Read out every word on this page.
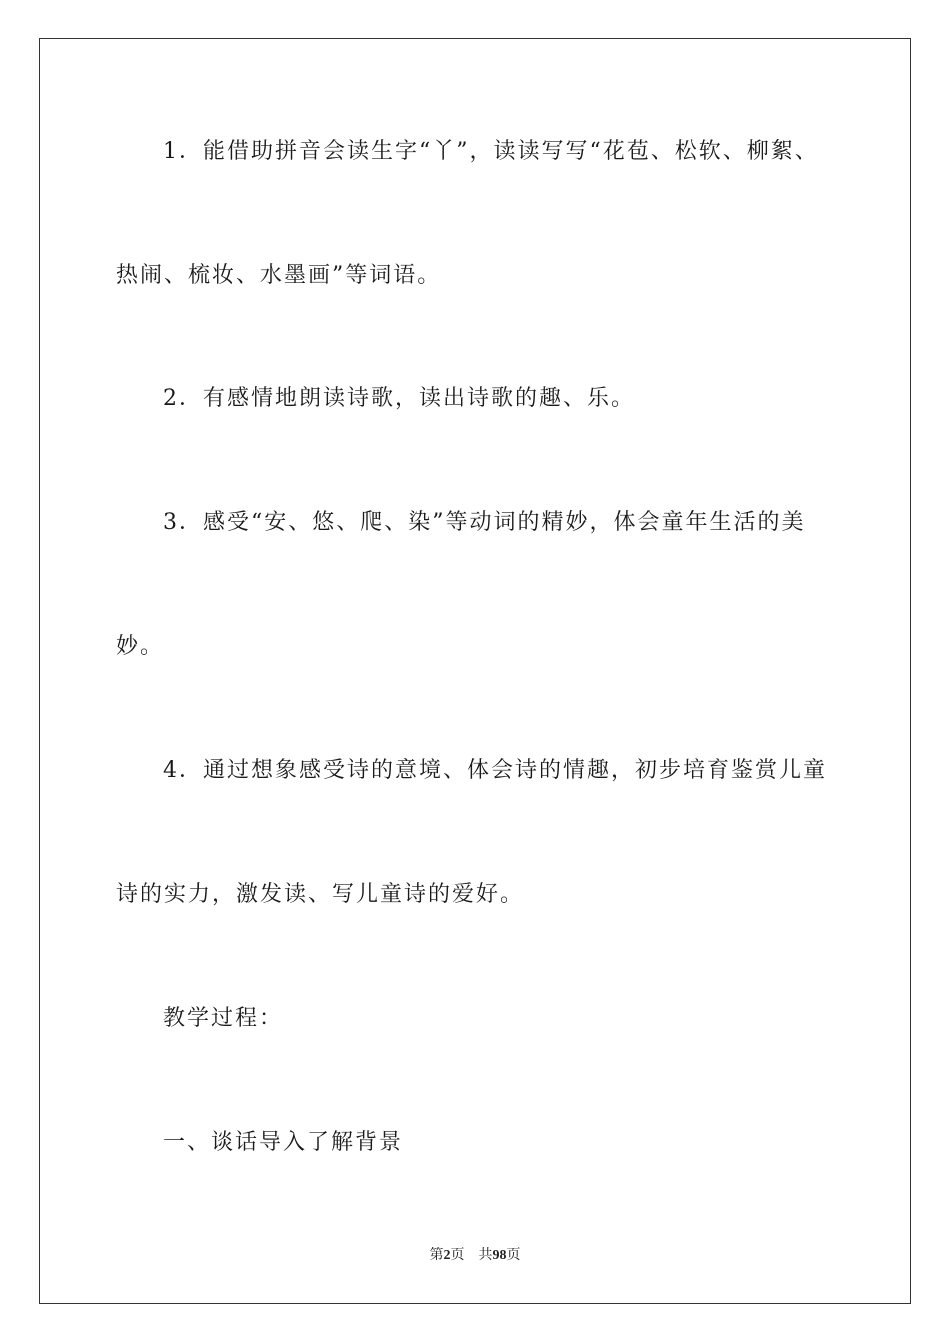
1．能借助拼音会读生字“丫”，读读写写“花苞、松软、柳絮、
热闹、梳妆、水墨画”等词语。
2．有感情地朗读诗歌，读出诗歌的趣、乐。
3．感受“安、悠、爬、染”等动词的精妙，体会童年生活的美
妙。
4．通过想象感受诗的意境、体会诗的情趣，初步培育鉴赏儿童
诗的实力，激发读、写儿童诗的爱好。
教学过程：
一、谈话导入了解背景
第2页 共98页
